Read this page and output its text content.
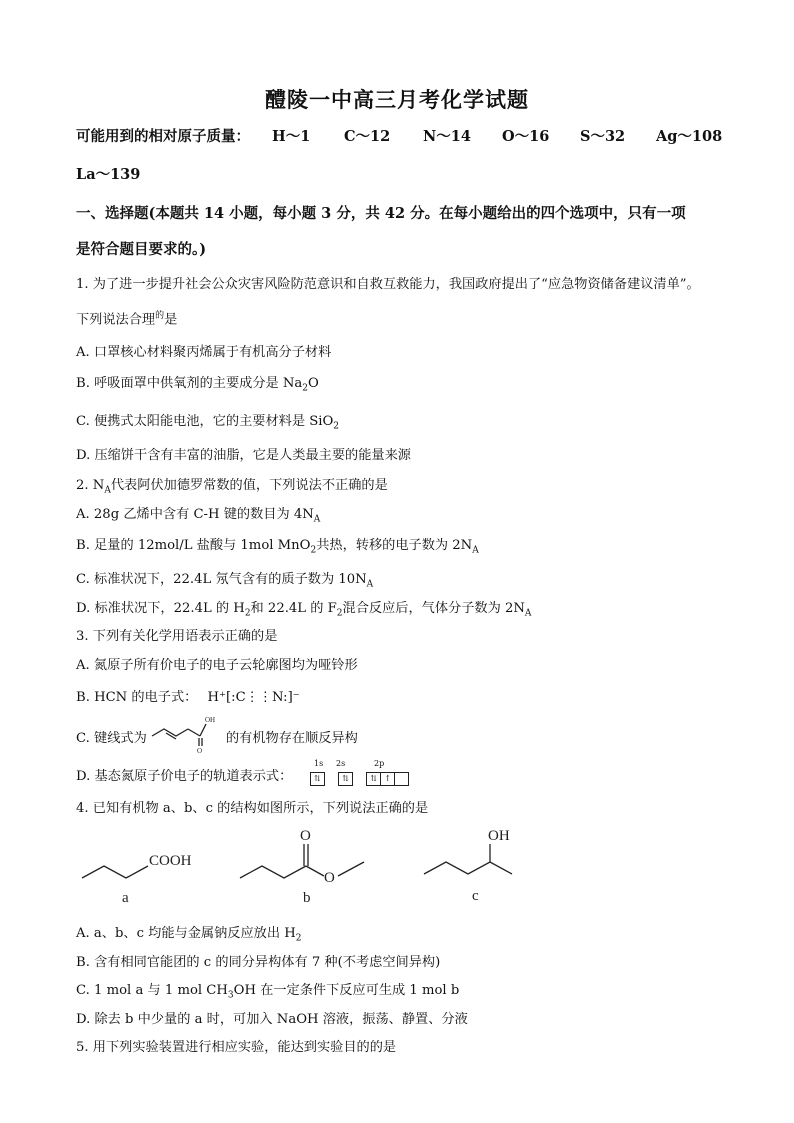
醴陵一中高三月考化学试题
可能用到的相对原子质量： H～1 C～12 N～14 O～16 S～32 Ag～108
La～139
一、选择题(本题共 14 小题，每小题 3 分，共 42 分。在每小题给出的四个选项中，只有一项
是符合题目要求的。)
1. 为了进一步提升社会公众灾害风险防范意识和自救互救能力，我国政府提出了“应急物资储备建议清单”。
下列说法合理$^的$是
A. 口罩核心材料聚丙烯属于有机高分子材料
B. 呼吸面罩中供氧剂的主要成分是 $Na_2O$
C. 便携式太阳能电池，它的主要材料是 SiO$_2$
D. 压缩饼干含有丰富的油脂，它是人类最主要的能量来源
2. $N_A$代表阿伏加德罗常数的值，下列说法不正确的是
A. 28g 乙烯中含有 C-H 键的数目为 $4N_A$
B. 足量的 12mol/L 盐酸与 1mol MnO$_2$共热，转移的电子数为 $2N_A$
C. 标准状况下，22.4L 氖气含有的质子数为 $10N_A$
D. 标准状况下，22.4L 的 $H_2$和 22.4L 的 $F_2$混合反应后，气体分子数为 $2N_A$
3. 下列有关化学用语表示正确的是
A. 氮原子所有价电子的电子云轮廓图均为哑铃形
B. HCN 的电子式： H⁺[:C⋮⋮N:]⁻
C. 键线式为
OH
O
的有机物存在顺反异构
D. 基态氮原子价电子的轨道表示式：
1s 2s	2p
⇅	⇅	⇅ ↑
4. 已知有机物 a、b、c 的结构如图所示，下列说法正确的是
COOH
a
O
O
b
OH
c
A. a、b、c 均能与金属钠反应放出 $H_2$
B. 含有相同官能团的 c 的同分异构体有 7 种(不考虑空间异构)
C. 1 mol a 与 1 mol $CH_3OH$ 在一定条件下反应可生成 1 mol b
D. 除去 b 中少量的 a 时，可加入 NaOH 溶液，振荡、静置、分液
5. 用下列实验装置进行相应实验，能达到实验目的的是
